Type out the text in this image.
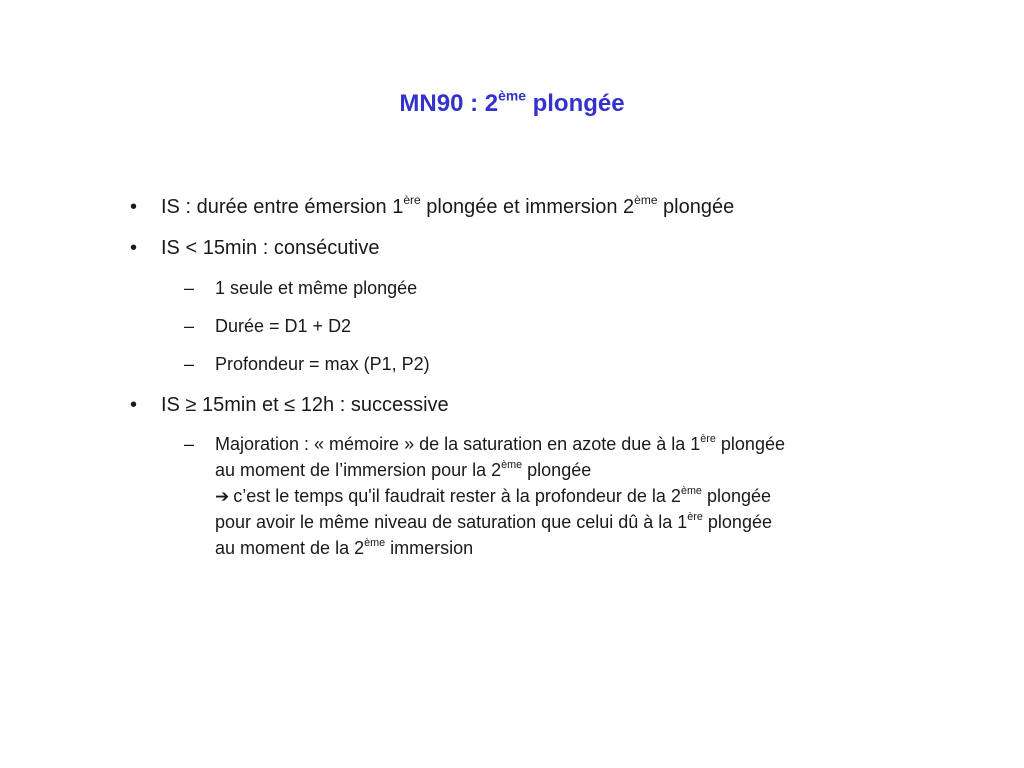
MN90 : 2ème plongée
• IS : durée entre émersion 1ère plongée et immersion 2ème plongée
• IS < 15min : consécutive
– 1 seule et même plongée
– Durée = D1 + D2
– Profondeur = max (P1, P2)
• IS ≥ 15min et ≤ 12h : successive
– Majoration : « mémoire » de la saturation en azote due à la 1ère plongée
au moment de l’immersion pour la 2ème plongée
➔ c’est le temps qu'il faudrait rester à la profondeur de la 2ème plongée
pour avoir le même niveau de saturation que celui dû à la 1ère plongée
au moment de la 2ème immersion
